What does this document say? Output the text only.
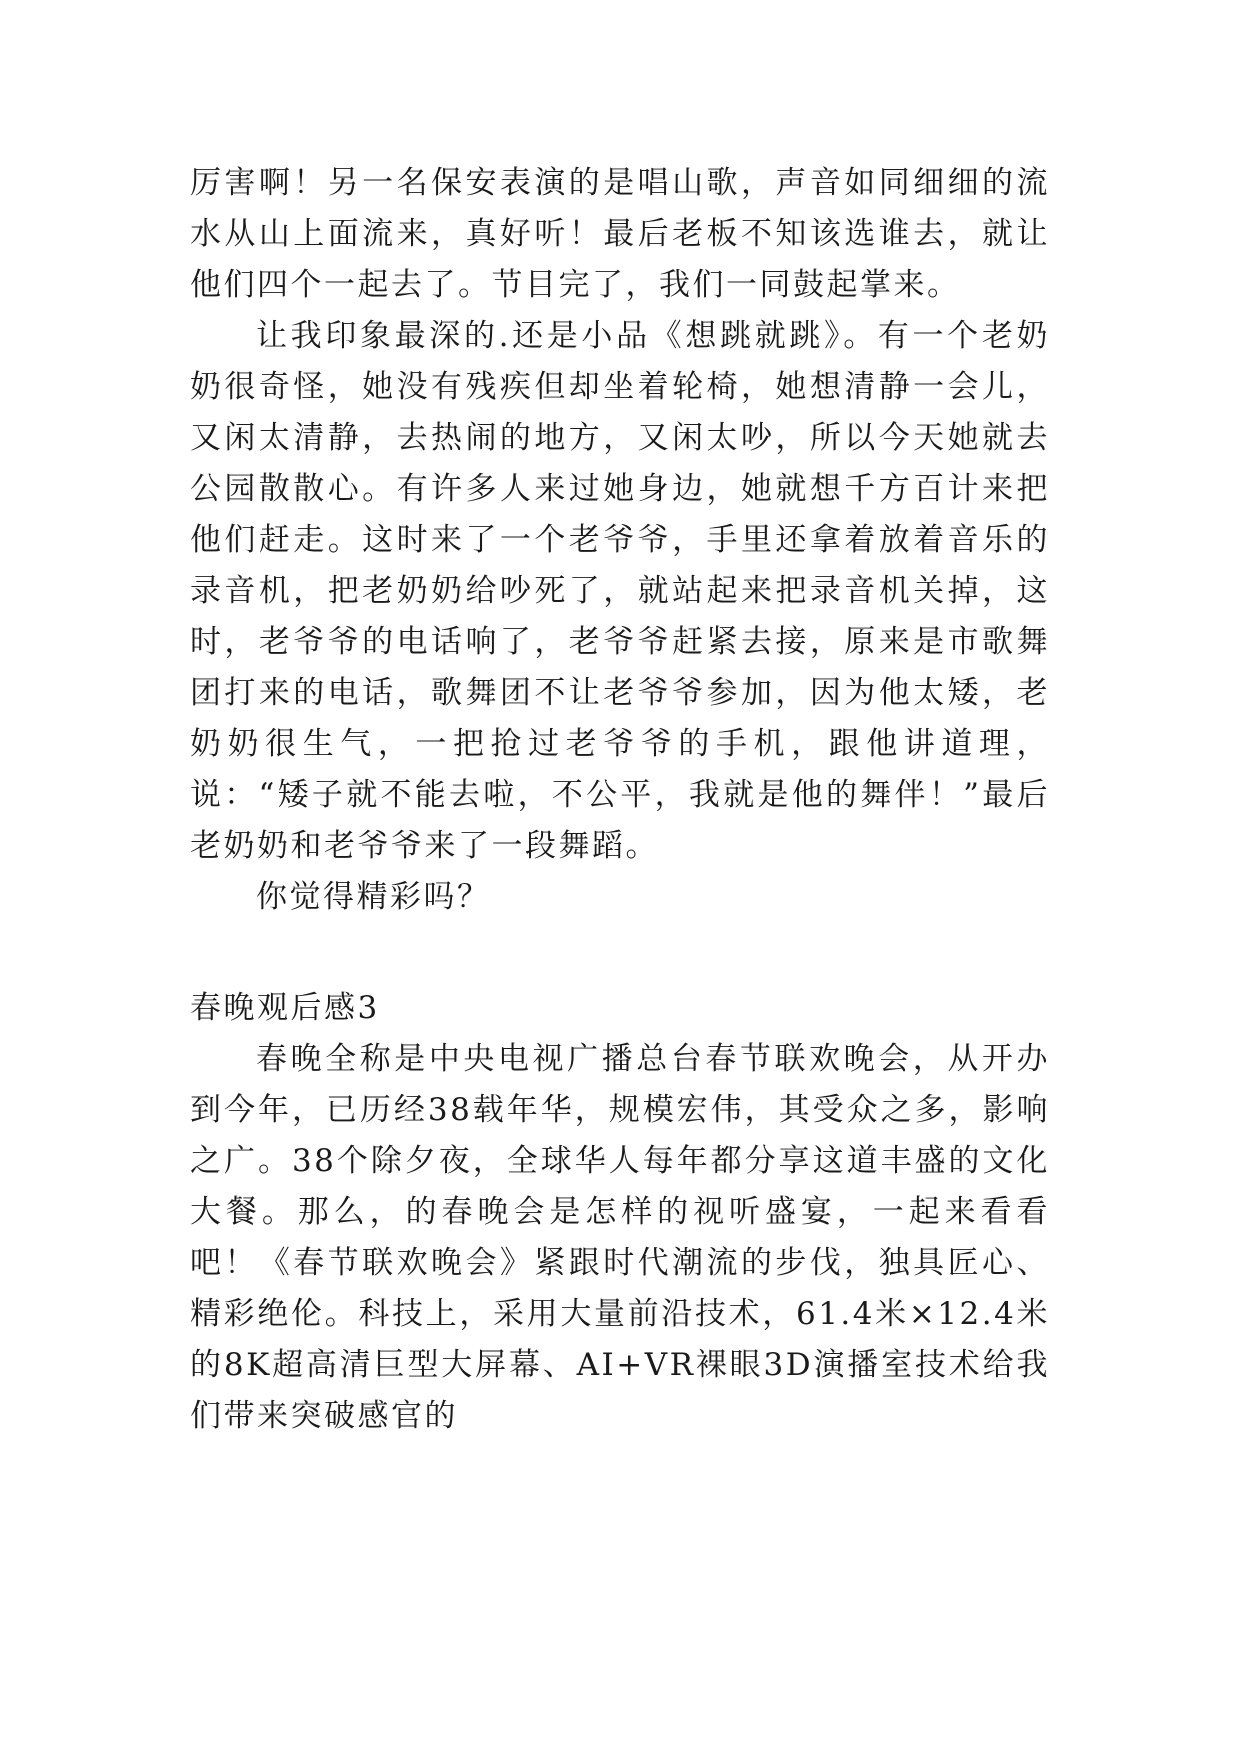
厉害啊！另一名保安表演的是唱山歌，声音如同细细的流水从山上面流来，真好听！最后老板不知该选谁去，就让他们四个一起去了。节目完了，我们一同鼓起掌来。

让我印象最深的.还是小品《想跳就跳》。有一个老奶奶很奇怪，她没有残疾但却坐着轮椅，她想清静一会儿，又闲太清静，去热闹的地方，又闲太吵，所以今天她就去公园散散心。有许多人来过她身边，她就想千方百计来把他们赶走。这时来了一个老爷爷，手里还拿着放着音乐的录音机，把老奶奶给吵死了，就站起来把录音机关掉，这时，老爷爷的电话响了，老爷爷赶紧去接，原来是市歌舞团打来的电话，歌舞团不让老爷爷参加，因为他太矮，老奶奶很生气，一把抢过老爷爷的手机，跟他讲道理，说：“矮子就不能去啦，不公平，我就是他的舞伴！”最后老奶奶和老爷爷来了一段舞蹈。

你觉得精彩吗？

春晚观后感3

春晚全称是中央电视广播总台春节联欢晚会，从开办到今年，已历经38载年华，规模宏伟，其受众之多，影响之广。38个除夕夜，全球华人每年都分享这道丰盛的文化大餐。那么，的春晚会是怎样的视听盛宴，一起来看看吧！《春节联欢晚会》紧跟时代潮流的步伐，独具匠心、精彩绝伦。科技上，采用大量前沿技术，61.4米×12.4米的8K超高清巨型大屏幕、AI+VR裸眼3D演播室技术给我们带来突破感官的
